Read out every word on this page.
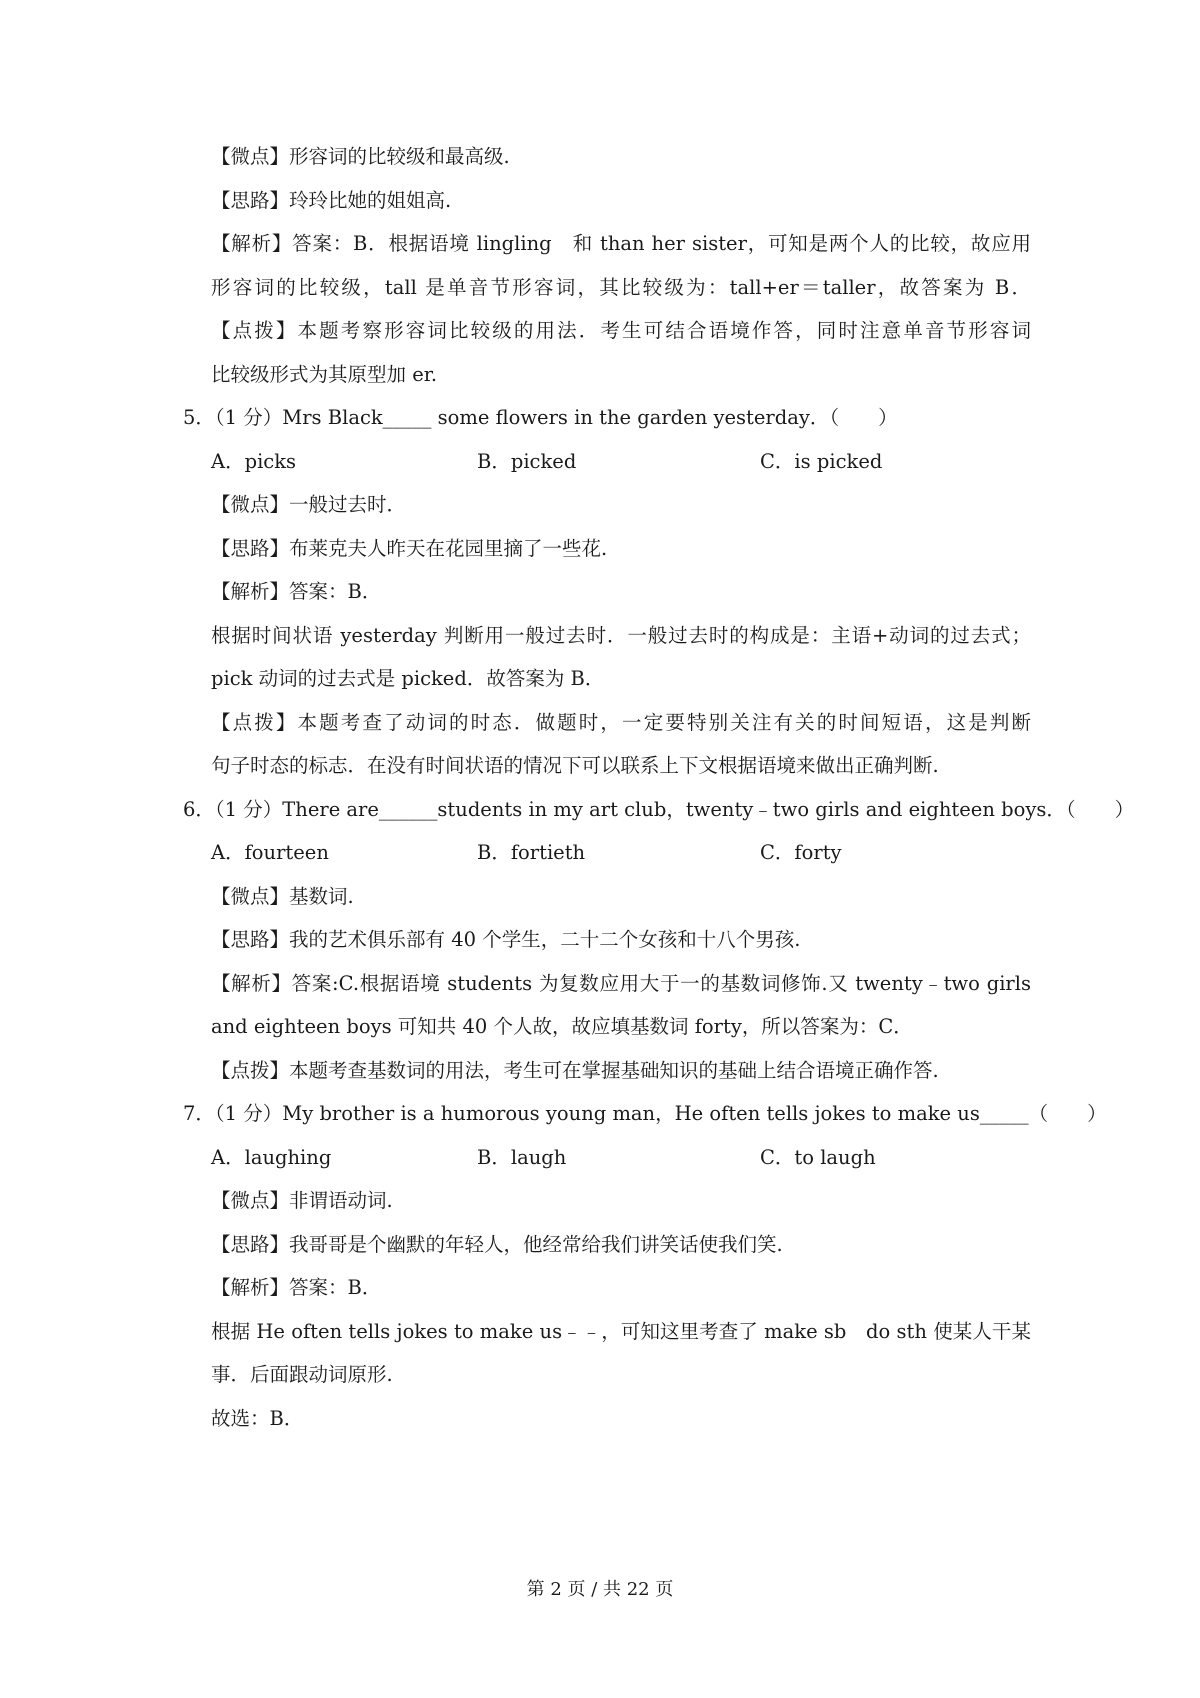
【微点】形容词的比较级和最高级.
【思路】玲玲比她的姐姐高.
【解析】答案：B．根据语境 lingling　和 than her sister，可知是两个人的比较，故应用
形容词的比较级，tall 是单音节形容词，其比较级为：tall+er＝taller，故答案为 B．
【点拨】本题考察形容词比较级的用法．考生可结合语境作答，同时注意单音节形容词
比较级形式为其原型加 er.
5．（1 分）Mrs Black_____ some flowers in the garden yesterday．（　　）
A．picks	B．picked	C．is picked
【微点】一般过去时．
【思路】布莱克夫人昨天在花园里摘了一些花.
【解析】答案：B．
根据时间状语 yesterday 判断用一般过去时．一般过去时的构成是：主语+动词的过去式；
pick 动词的过去式是 picked．故答案为 B．
【点拨】本题考查了动词的时态．做题时，一定要特别关注有关的时间短语，这是判断
句子时态的标志．在没有时间状语的情况下可以联系上下文根据语境来做出正确判断.
6．（1 分）There are______students in my art club，twenty﹣two girls and eighteen boys．（　　）
A．fourteen	B．fortieth	C．forty
【微点】基数词.
【思路】我的艺术俱乐部有 40 个学生，二十二个女孩和十八个男孩.
【解析】答案:C.根据语境 students 为复数应用大于一的基数词修饰.又 twenty﹣two girls
and eighteen boys 可知共 40 个人故，故应填基数词 forty，所以答案为：C．
【点拨】本题考查基数词的用法，考生可在掌握基础知识的基础上结合语境正确作答.
7．（1 分）My brother is a humorous young man，He often tells jokes to make us_____（　　）
A．laughing	B．laugh	C．to laugh
【微点】非谓语动词.
【思路】我哥哥是个幽默的年轻人，他经常给我们讲笑话使我们笑.
【解析】答案：B．
根据 He often tells jokes to make us﹣﹣，可知这里考查了 make sb　do sth 使某人干某
事．后面跟动词原形.
故选：B．
第 2 页 / 共 22 页
